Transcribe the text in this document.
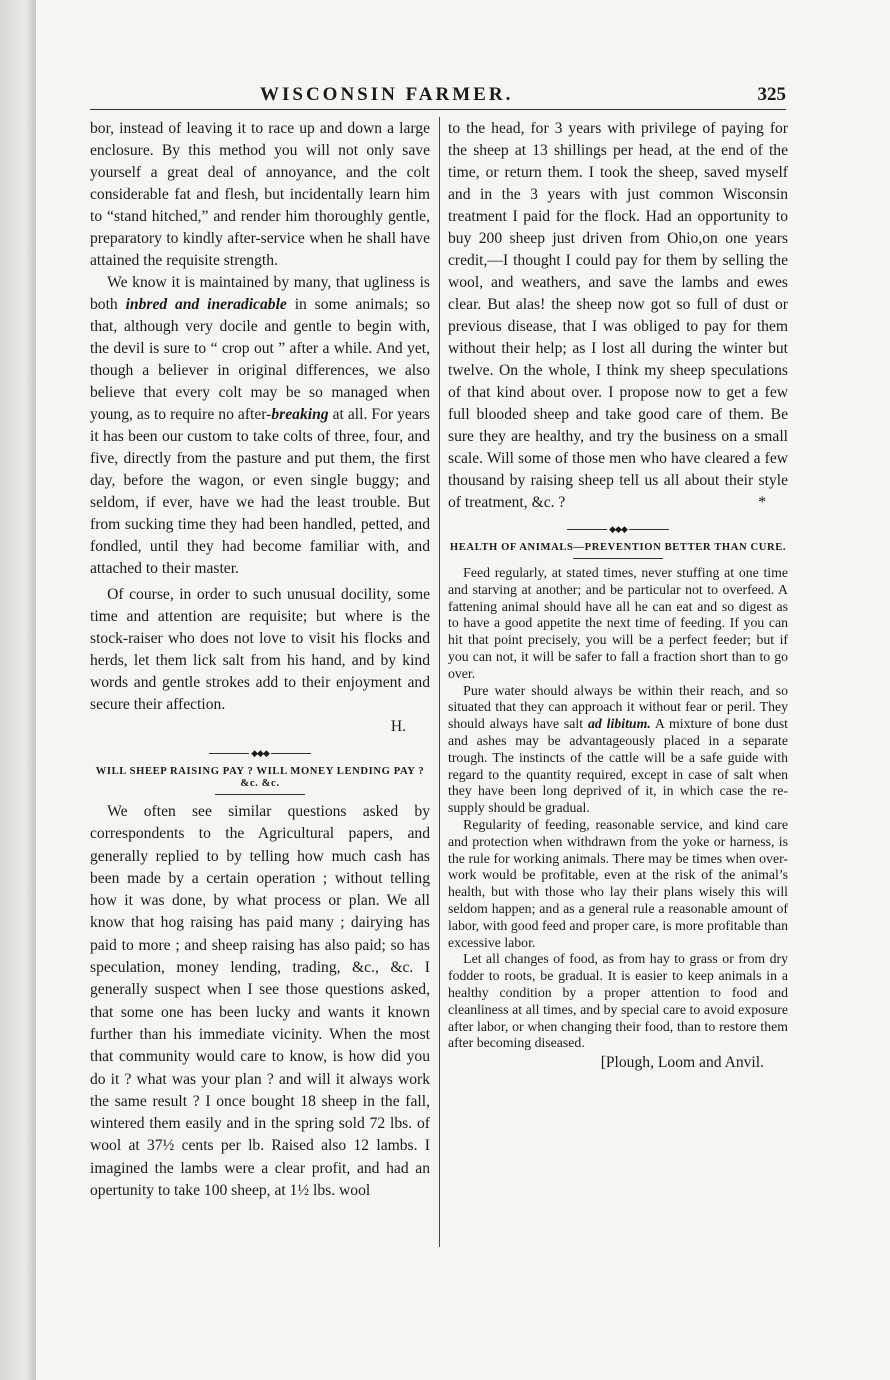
WISCONSIN FARMER.	325

bor, instead of leaving it to race up and down a large enclosure. By this method you will not only save yourself a great deal of annoyance, and the colt considerable fat and flesh, but incidentally learn him to “stand hitched,” and render him thoroughly gentle, preparatory to kindly after-service when he shall have attained the requisite strength.

We know it is maintained by many, that ugliness is both inbred and ineradicable in some animals; so that, although very docile and gentle to begin with, the devil is sure to “ crop out ” after a while. And yet, though a believer in original differences, we also believe that every colt may be so managed when young, as to require no after-breaking at all. For years it has been our custom to take colts of three, four, and five, directly from the pasture and put them, the first day, before the wagon, or even single buggy; and seldom, if ever, have we had the least trouble. But from sucking time they had been handled, petted, and fondled, until they had become familiar with, and attached to their master.

Of course, in order to such unusual docility, some time and attention are requisite; but where is the stock-raiser who does not love to visit his flocks and herds, let them lick salt from his hand, and by kind words and gentle strokes add to their enjoyment and secure their affection.

H.

◆◆◆
WILL SHEEP RAISING PAY ? WILL MONEY LENDING PAY ? &c. &c.

We often see similar questions asked by correspondents to the Agricultural papers, and generally replied to by telling how much cash has been made by a certain operation ; without telling how it was done, by what process or plan. We all know that hog raising has paid many ; dairying has paid to more ; and sheep raising has also paid; so has speculation, money lending, trading, &c., &c. I generally suspect when I see those questions asked, that some one has been lucky and wants it known further than his immediate vicinity. When the most that community would care to know, is how did you do it ? what was your plan ? and will it always work the same result ? I once bought 18 sheep in the fall, wintered them easily and in the spring sold 72 lbs. of wool at 37½ cents per lb. Raised also 12 lambs. I imagined the lambs were a clear profit, and had an opertunity to take 100 sheep, at 1½ lbs. wool

to the head, for 3 years with privilege of paying for the sheep at 13 shillings per head, at the end of the time, or return them. I took the sheep, saved myself and in the 3 years with just common Wisconsin treatment I paid for the flock. Had an opportunity to buy 200 sheep just driven from Ohio,on one years credit,—I thought I could pay for them by selling the wool, and weathers, and save the lambs and ewes clear. But alas! the sheep now got so full of dust or previous disease, that I was obliged to pay for them without their help; as I lost all during the winter but twelve. On the whole, I think my sheep speculations of that kind about over. I propose now to get a few full blooded sheep and take good care of them. Be sure they are healthy, and try the business on a small scale. Will some of those men who have cleared a few thousand by raising sheep tell us all about their style of treatment, &c. ?	*

◆◆◆
HEALTH OF ANIMALS—PREVENTION BETTER THAN CURE.

Feed regularly, at stated times, never stuffing at one time and starving at another; and be particular not to overfeed. A fattening animal should have all he can eat and so digest as to have a good appetite the next time of feeding. If you can hit that point precisely, you will be a perfect feeder; but if you can not, it will be safer to fall a fraction short than to go over.

Pure water should always be within their reach, and so situated that they can approach it without fear or peril. They should always have salt ad libitum. A mixture of bone dust and ashes may be advantageously placed in a separate trough. The instincts of the cattle will be a safe guide with regard to the quantity required, except in case of salt when they have been long deprived of it, in which case the resupply should be gradual.

Regularity of feeding, reasonable service, and kind care and protection when withdrawn from the yoke or harness, is the rule for working animals. There may be times when over-work would be profitable, even at the risk of the animal’s health, but with those who lay their plans wisely this will seldom happen; and as a general rule a reasonable amount of labor, with good feed and proper care, is more profitable than excessive labor.

Let all changes of food, as from hay to grass or from dry fodder to roots, be gradual. It is easier to keep animals in a healthy condition by a proper attention to food and cleanliness at all times, and by special care to avoid exposure after labor, or when changing their food, than to restore them after becoming diseased.

[Plough, Loom and Anvil.
